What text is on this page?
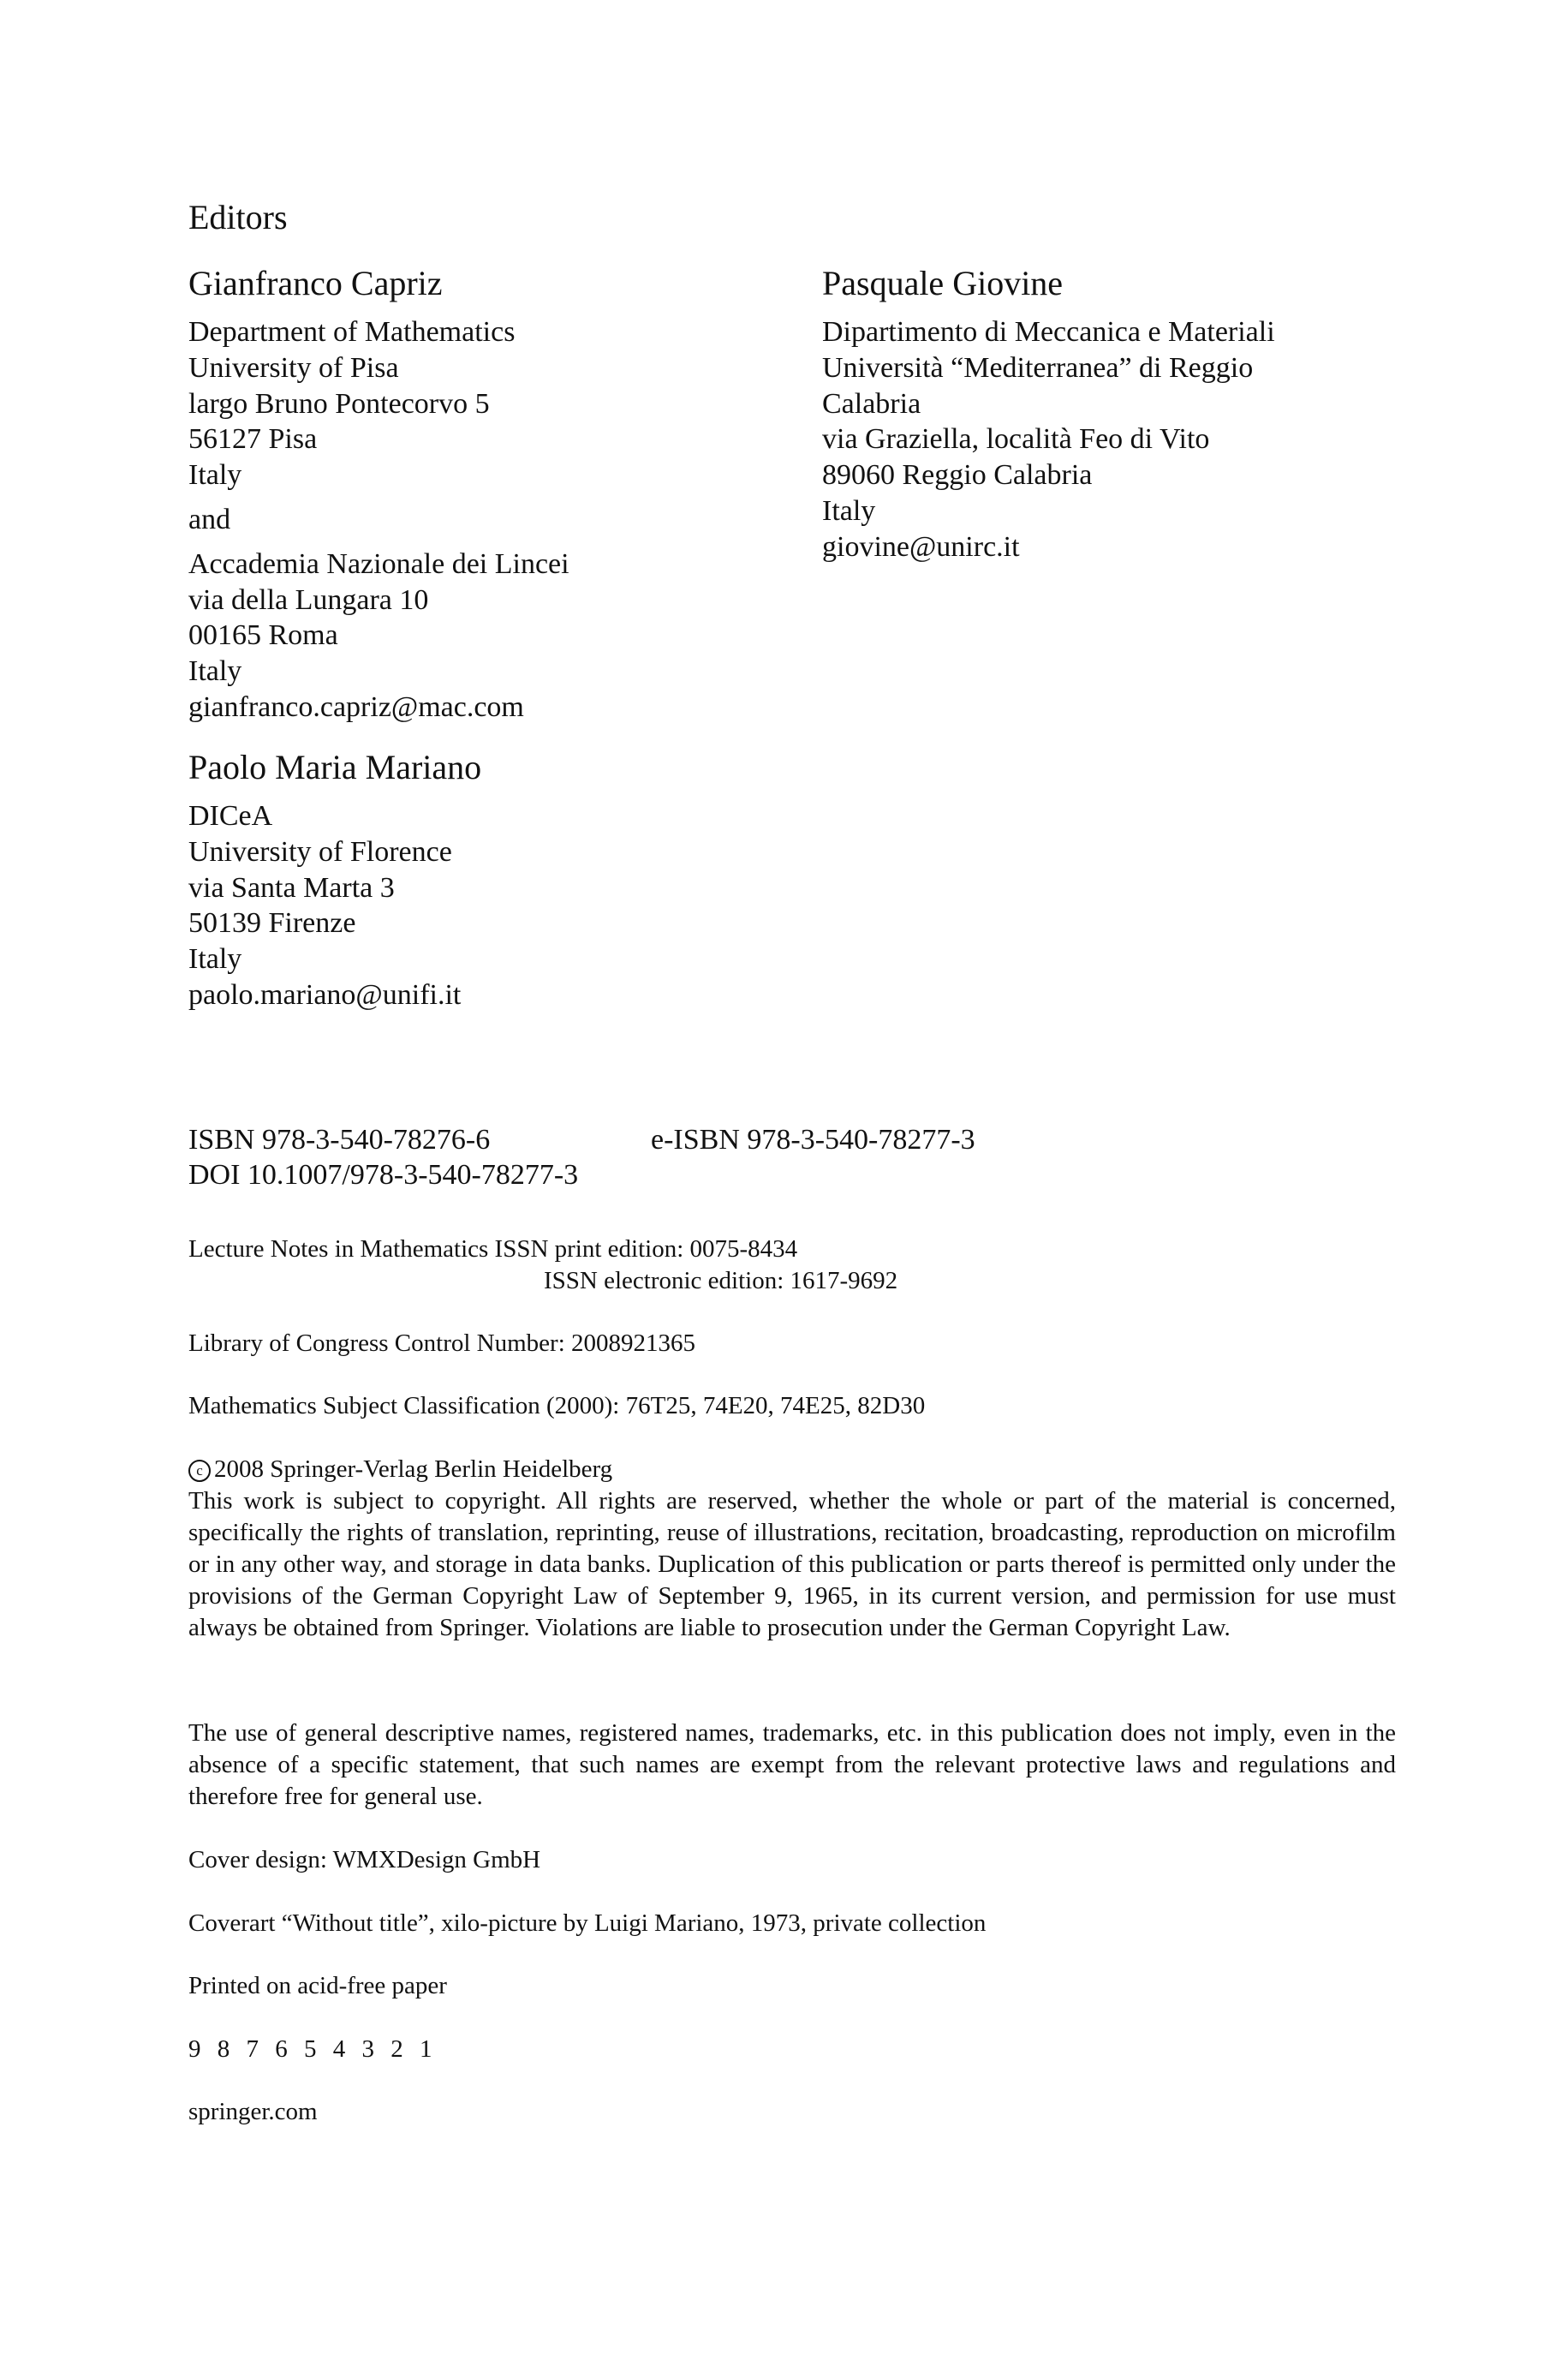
Editors
Gianfranco Capriz
Department of Mathematics
University of Pisa
largo Bruno Pontecorvo 5
56127 Pisa
Italy
and
Accademia Nazionale dei Lincei
via della Lungara 10
00165 Roma
Italy
gianfranco.capriz@mac.com
Pasquale Giovine
Dipartimento di Meccanica e Materiali
Università “Mediterranea” di Reggio
Calabria
via Graziella, località Feo di Vito
89060 Reggio Calabria
Italy
giovine@unirc.it
Paolo Maria Mariano
DICeA
University of Florence
via Santa Marta 3
50139 Firenze
Italy
paolo.mariano@unifi.it
ISBN 978-3-540-78276-6	e-ISBN 978-3-540-78277-3
DOI 10.1007/978-3-540-78277-3
Lecture Notes in Mathematics ISSN print edition: 0075-8434
ISSN electronic edition: 1617-9692
Library of Congress Control Number: 2008921365
Mathematics Subject Classification (2000): 76T25, 74E20, 74E25, 82D30
c 2008 Springer-Verlag Berlin Heidelberg
This work is subject to copyright. All rights are reserved, whether the whole or part of the material is concerned, specifically the rights of translation, reprinting, reuse of illustrations, recitation, broadcasting, reproduction on microfilm or in any other way, and storage in data banks. Duplication of this publication or parts thereof is permitted only under the provisions of the German Copyright Law of September 9, 1965, in its current version, and permission for use must always be obtained from Springer. Violations are liable to prosecution under the German Copyright Law.
The use of general descriptive names, registered names, trademarks, etc. in this publication does not imply, even in the absence of a specific statement, that such names are exempt from the relevant protective laws and regulations and therefore free for general use.
Cover design: WMXDesign GmbH
Coverart “Without title”, xilo-picture by Luigi Mariano, 1973, private collection
Printed on acid-free paper
9 8 7 6 5 4 3 2 1
springer.com
